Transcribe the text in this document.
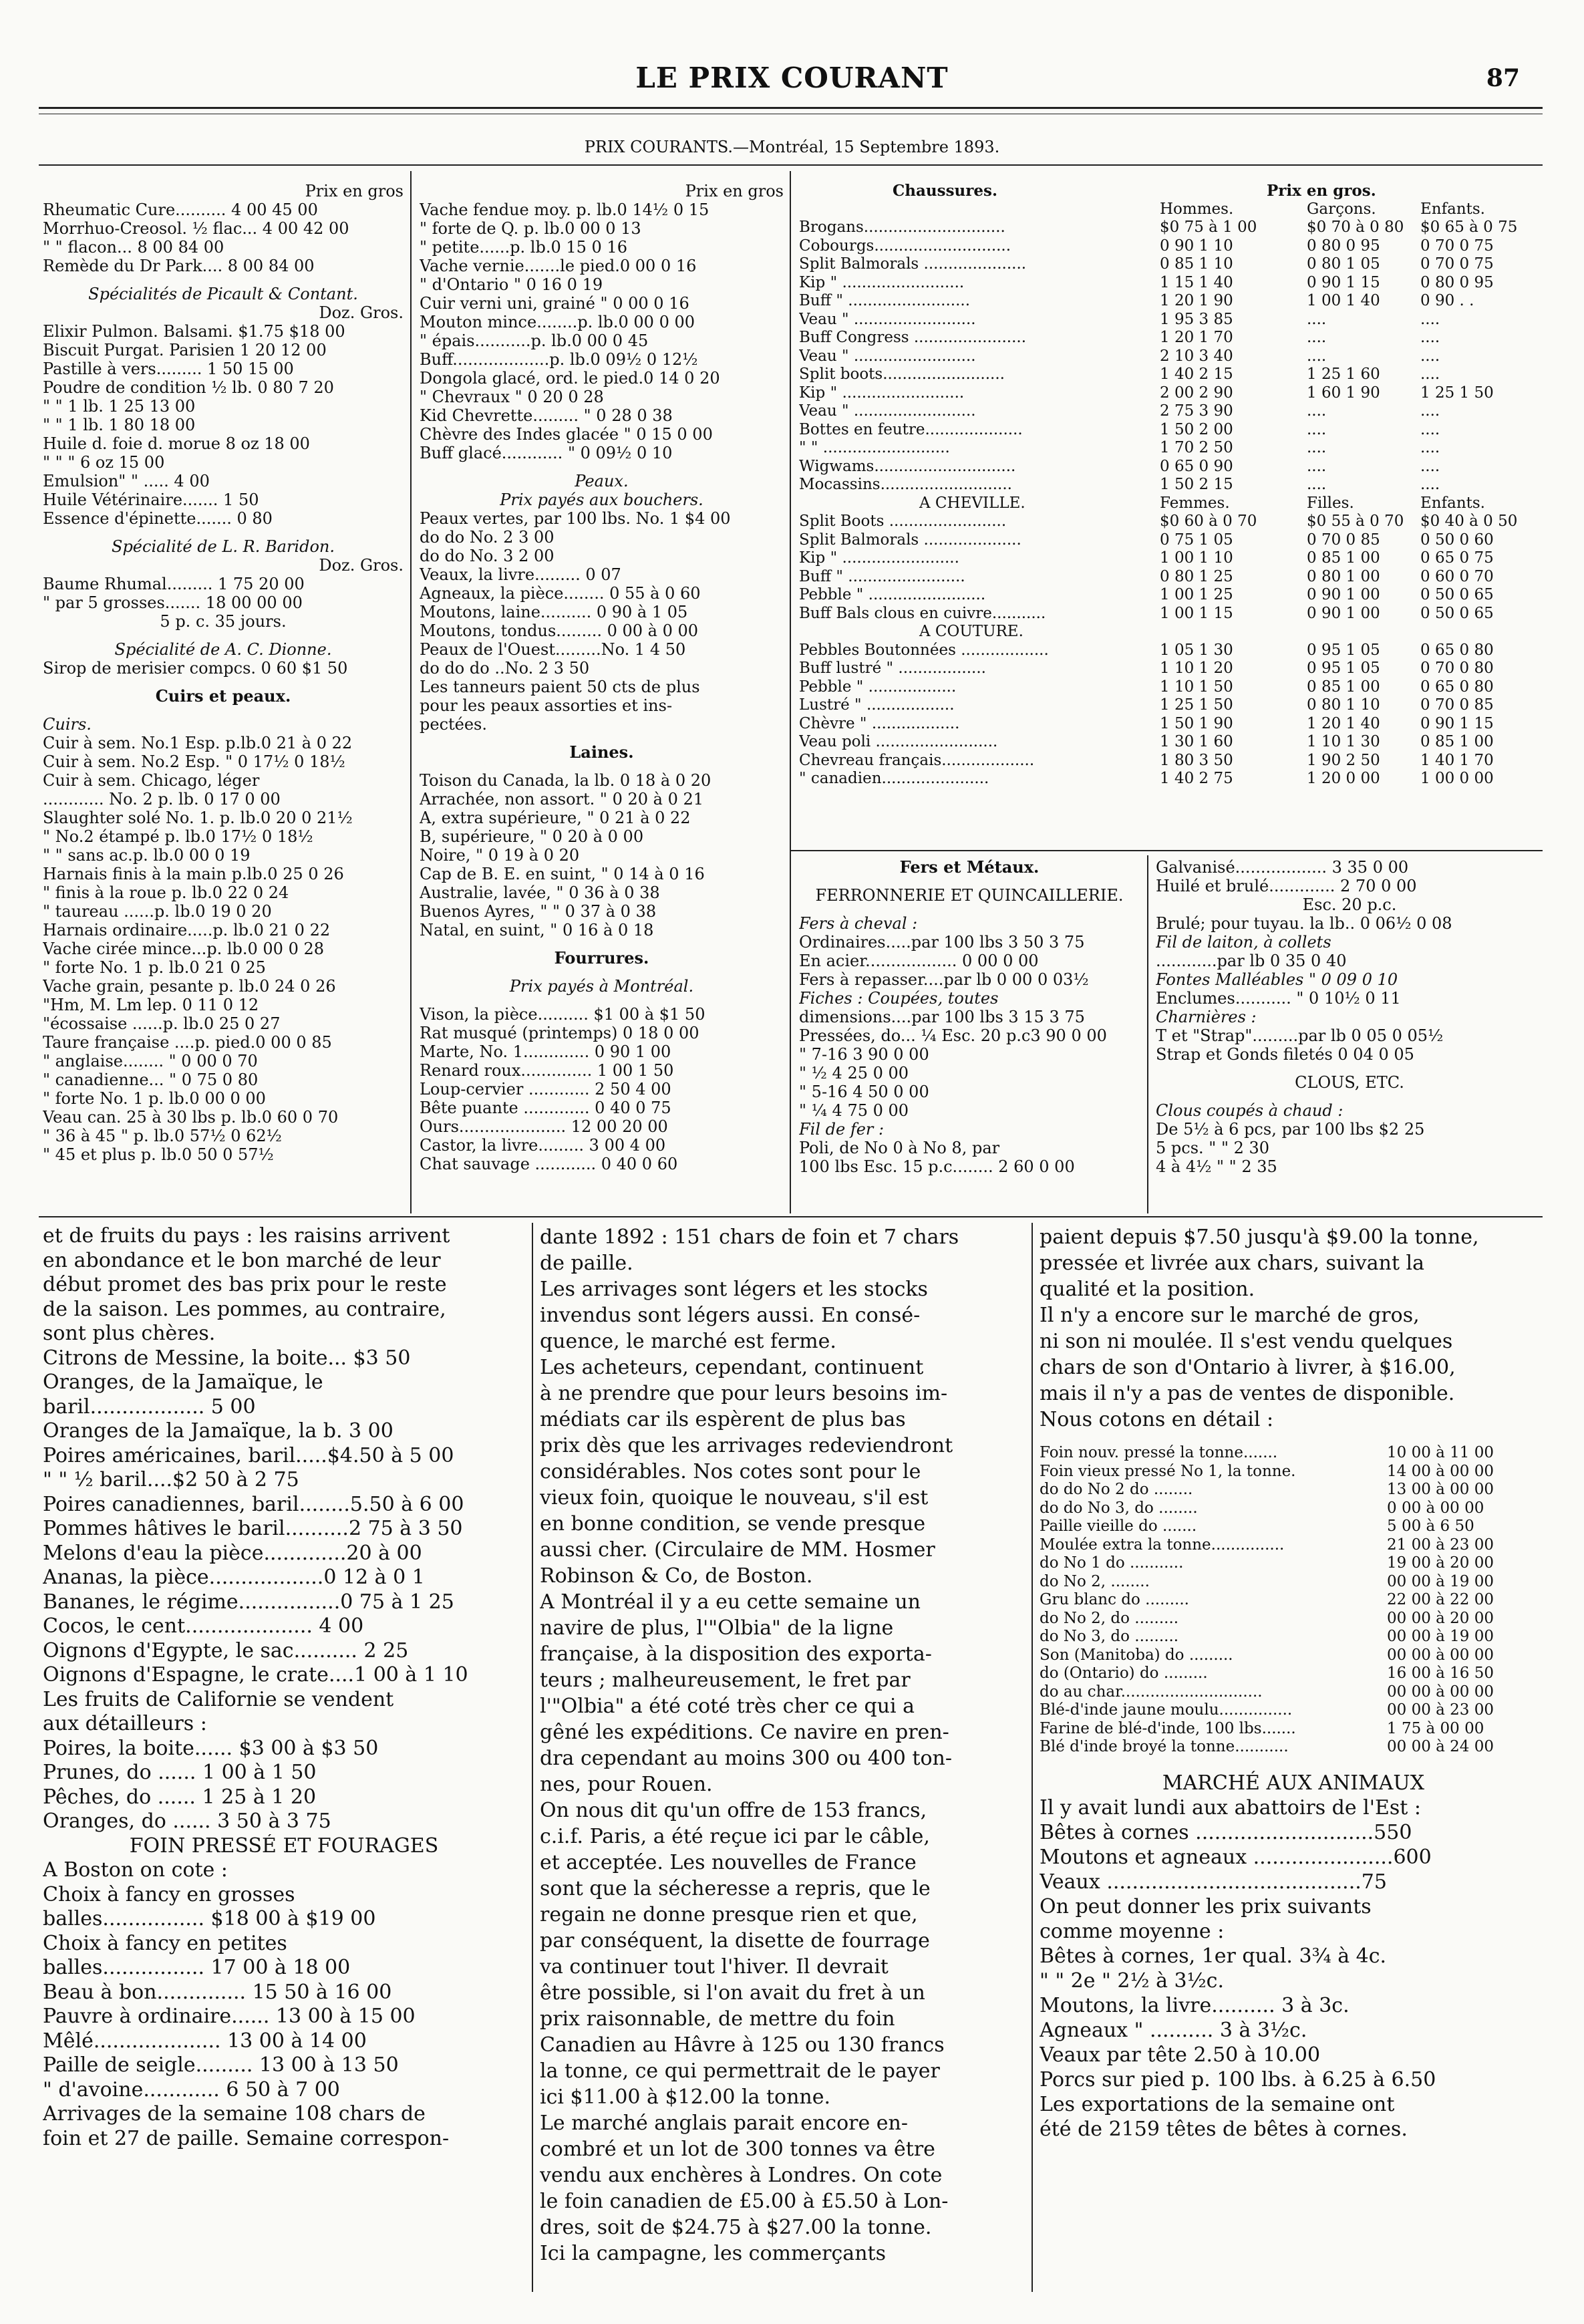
LE PRIX COURANT	87
PRIX COURANTS.—Montréal, 15 Septembre 1893.
Prix en gros
Rheumatic Cure.......... 4 00 45 00
Morrhuo-Creosol. ½ flac... 4 00 42 00
" " flacon... 8 00 84 00
Remède du Dr Park.... 8 00 84 00
Spécialités de Picault & Contant.
Doz. Gros.
Elixir Pulmon. Balsami. $1.75 $18 00
Biscuit Purgat. Parisien 1 20 12 00
Pastille à vers......... 1 50 15 00
Poudre de condition ½ lb. 0 80 7 20
" " 1 lb. 1 25 13 00
" " 1 lb. 1 80 18 00
Huile d. foie d. morue 8 oz 18 00
" " " 6 oz 15 00
Emulsion" " ..... 4 00
Huile Vétérinaire....... 1 50
Essence d'épinette....... 0 80
Spécialité de L. R. Baridon.
Doz. Gros.
Baume Rhumal......... 1 75 20 00
" par 5 grosses....... 18 00 00 00
5 p. c. 35 jours.
Spécialité de A. C. Dionne.
Sirop de merisier compcs. 0 60 $1 50
Cuirs et peaux.
Cuirs.
Cuir à sem. No.1 Esp. p.lb.0 21 à 0 22
Cuir à sem. No.2 Esp. " 0 17½ 0 18½
Cuir à sem. Chicago, léger
............ No. 2 p. lb. 0 17 0 00
Slaughter solé No. 1. p. lb.0 20 0 21½
" No.2 étampé p. lb.0 17½ 0 18½
" " sans ac.p. lb.0 00 0 19
Harnais finis à la main p.lb.0 25 0 26
" finis à la roue p. lb.0 22 0 24
" taureau ......p. lb.0 19 0 20
Harnais ordinaire.....p. lb.0 21 0 22
Vache cirée mince...p. lb.0 00 0 28
" forte No. 1 p. lb.0 21 0 25
Vache grain, pesante p. lb.0 24 0 26
"Hm, M. Lm lep. 0 11 0 12
"écossaise ......p. lb.0 25 0 27
Taure française ....p. pied.0 00 0 85
" anglaise........ " 0 00 0 70
" canadienne... " 0 75 0 80
" forte No. 1 p. lb.0 00 0 00
Veau can. 25 à 30 lbs p. lb.0 60 0 70
" 36 à 45 " p. lb.0 57½ 0 62½
" 45 et plus p. lb.0 50 0 57½
Prix en gros
Vache fendue moy. p. lb.0 14½ 0 15
" forte de Q. p. lb.0 00 0 13
" petite......p. lb.0 15 0 16
Vache vernie.......le pied.0 00 0 16
" d'Ontario " 0 16 0 19
Cuir verni uni, grainé " 0 00 0 16
Mouton mince........p. lb.0 00 0 00
" épais...........p. lb.0 00 0 45
Buff...................p. lb.0 09½ 0 12½
Dongola glacé, ord. le pied.0 14 0 20
" Chevraux " 0 20 0 28
Kid Chevrette......... " 0 28 0 38
Chèvre des Indes glacée " 0 15 0 00
Buff glacé............ " 0 09½ 0 10
Peaux.
Prix payés aux bouchers.
Peaux vertes, par 100 lbs. No. 1 $4 00
do do No. 2 3 00
do do No. 3 2 00
Veaux, la livre......... 0 07
Agneaux, la pièce........ 0 55 à 0 60
Moutons, laine.......... 0 90 à 1 05
Moutons, tondus......... 0 00 à 0 00
Peaux de l'Ouest.........No. 1 4 50
do do do ..No. 2 3 50
Les tanneurs paient 50 cts de plus
pour les peaux assorties et ins-
pectées.
Laines.
Toison du Canada, la lb. 0 18 à 0 20
Arrachée, non assort. " 0 20 à 0 21
A, extra supérieure, " 0 21 à 0 22
B, supérieure, " 0 20 à 0 00
Noire, " 0 19 à 0 20
Cap de B. E. en suint, " 0 14 à 0 16
Australie, lavée, " 0 36 à 0 38
Buenos Ayres, " " 0 37 à 0 38
Natal, en suint, " 0 16 à 0 18
Fourrures.
Prix payés à Montréal.
Vison, la pièce.......... $1 00 à $1 50
Rat musqué (printemps) 0 18 0 00
Marte, No. 1............. 0 90 1 00
Renard roux.............. 1 00 1 50
Loup-cervier ............ 2 50 4 00
Bête puante ............. 0 40 0 75
Ours..................... 12 00 20 00
Castor, la livre......... 3 00 4 00
Chat sauvage ............ 0 40 0 60
Chaussures.	Prix en gros.
Hommes.	Garçons.	Enfants.
Brogans.............................	$0 75 à 1 00	$0 70 à 0 80 $0 65 à 0 75
Cobourgs............................	0 90 1 10	0 80 0 95	0 70 0 75
Split Balmorals .....................	0 85 1 10	0 80 1 05	0 70 0 75
Kip " .........................	1 15 1 40	0 90 1 15	0 80 0 95
Buff " .........................	1 20 1 90	1 00 1 40	0 90 . .
Veau " .........................	1 95 3 85	....	....
Buff Congress .......................	1 20 1 70	....	....
Veau " .........................	2 10 3 40	....	....
Split boots.........................	1 40 2 15	1 25 1 60	....
Kip " .........................	2 00 2 90	1 60 1 90	1 25 1 50
Veau " .........................	2 75 3 90	....	....
Bottes en feutre....................	1 50 2 00	....	....
" " ..........................	1 70 2 50	....	....
Wigwams.............................	0 65 0 90	....	....
Mocassins...........................	1 50 2 15	....	....
A CHEVILLE.	Femmes.	Filles.	Enfants.
Split Boots ........................	$0 60 à 0 70	$0 55 à 0 70 $0 40 à 0 50
Split Balmorals ....................	0 75 1 05	0 70 0 85	0 50 0 60
Kip " ........................	1 00 1 10	0 85 1 00	0 65 0 75
Buff " ........................	0 80 1 25	0 80 1 00	0 60 0 70
Pebble " ........................	1 00 1 25	0 90 1 00	0 50 0 65
Buff Bals clous en cuivre...........	1 00 1 15	0 90 1 00	0 50 0 65
A COUTURE.
Pebbles Boutonnées ..................	1 05 1 30	0 95 1 05	0 65 0 80
Buff lustré " ..................	1 10 1 20	0 95 1 05	0 70 0 80
Pebble " ..................	1 10 1 50	0 85 1 00	0 65 0 80
Lustré " ..................	1 25 1 50	0 80 1 10	0 70 0 85
Chèvre " ..................	1 50 1 90	1 20 1 40	0 90 1 15
Veau poli .........................	1 30 1 60	1 10 1 30	0 85 1 00
Chevreau français...................	1 80 3 50	1 90 2 50	1 40 1 70
" canadien......................	1 40 2 75	1 20 0 00	1 00 0 00
Fers et Métaux.
FERRONNERIE ET QUINCAILLERIE.
Fers à cheval :
Ordinaires.....par 100 lbs 3 50 3 75
En acier.................. 0 00 0 00
Fers à repasser....par lb 0 00 0 03½
Fiches : Coupées, toutes
dimensions....par 100 lbs 3 15 3 75
Pressées, do... ¼ Esc. 20 p.c3 90 0 00
" 7-16 3 90 0 00
" ½ 4 25 0 00
" 5-16 4 50 0 00
" ¼ 4 75 0 00
Fil de fer :
Poli, de No 0 à No 8, par
100 lbs Esc. 15 p.c........ 2 60 0 00
Galvanisé.................. 3 35 0 00
Huilé et brulé............. 2 70 0 00
Esc. 20 p.c.
Brulé; pour tuyau. la lb.. 0 06½ 0 08
Fil de laiton, à collets
............par lb 0 35 0 40
Fontes Malléables " 0 09 0 10
Enclumes........... " 0 10½ 0 11
Charnières :
T et "Strap".........par lb 0 05 0 05½
Strap et Gonds filetés 0 04 0 05
CLOUS, ETC.
Clous coupés à chaud :
De 5½ à 6 pcs, par 100 lbs $2 25
5 pcs. " " 2 30
4 à 4½ " " 2 35
et de fruits du pays : les raisins arrivent
en abondance et le bon marché de leur
début promet des bas prix pour le reste
de la saison. Les pommes, au contraire,
sont plus chères.
Citrons de Messine, la boite... $3 50
Oranges, de la Jamaïque, le
baril.................. 5 00
Oranges de la Jamaïque, la b. 3 00
Poires américaines, baril.....$4.50 à 5 00
" " ½ baril....$2 50 à 2 75
Poires canadiennes, baril........5.50 à 6 00
Pommes hâtives le baril..........2 75 à 3 50
Melons d'eau la pièce.............20 à 00
Ananas, la pièce..................0 12 à 0 1
Bananes, le régime................0 75 à 1 25
Cocos, le cent.................... 4 00
Oignons d'Egypte, le sac.......... 2 25
Oignons d'Espagne, le crate....1 00 à 1 10
Les fruits de Californie se vendent
aux détailleurs :
Poires, la boite...... $3 00 à $3 50
Prunes, do ...... 1 00 à 1 50
Pêches, do ...... 1 25 à 1 20
Oranges, do ...... 3 50 à 3 75
FOIN PRESSÉ ET FOURAGES
A Boston on cote :
Choix à fancy en grosses
balles................ $18 00 à $19 00
Choix à fancy en petites
balles................ 17 00 à 18 00
Beau à bon.............. 15 50 à 16 00
Pauvre à ordinaire...... 13 00 à 15 00
Mêlé.................... 13 00 à 14 00
Paille de seigle......... 13 00 à 13 50
" d'avoine............ 6 50 à 7 00
Arrivages de la semaine 108 chars de
foin et 27 de paille. Semaine correspon-
dante 1892 : 151 chars de foin et 7 chars
de paille.
Les arrivages sont légers et les stocks
invendus sont légers aussi. En consé-
quence, le marché est ferme.
Les acheteurs, cependant, continuent
à ne prendre que pour leurs besoins im-
médiats car ils espèrent de plus bas
prix dès que les arrivages redeviendront
considérables. Nos cotes sont pour le
vieux foin, quoique le nouveau, s'il est
en bonne condition, se vende presque
aussi cher. (Circulaire de MM. Hosmer
Robinson & Co, de Boston.
A Montréal il y a eu cette semaine un
navire de plus, l'"Olbia" de la ligne
française, à la disposition des exporta-
teurs ; malheureusement, le fret par
l'"Olbia" a été coté très cher ce qui a
gêné les expéditions. Ce navire en pren-
dra cependant au moins 300 ou 400 ton-
nes, pour Rouen.
On nous dit qu'un offre de 153 francs,
c.i.f. Paris, a été reçue ici par le câble,
et acceptée. Les nouvelles de France
sont que la sécheresse a repris, que le
regain ne donne presque rien et que,
par conséquent, la disette de fourrage
va continuer tout l'hiver. Il devrait
être possible, si l'on avait du fret à un
prix raisonnable, de mettre du foin
Canadien au Hâvre à 125 ou 130 francs
la tonne, ce qui permettrait de le payer
ici $11.00 à $12.00 la tonne.
Le marché anglais parait encore en-
combré et un lot de 300 tonnes va être
vendu aux enchères à Londres. On cote
le foin canadien de £5.00 à £5.50 à Lon-
dres, soit de $24.75 à $27.00 la tonne.
Ici la campagne, les commerçants
paient depuis $7.50 jusqu'à $9.00 la tonne,
pressée et livrée aux chars, suivant la
qualité et la position.
Il n'y a encore sur le marché de gros,
ni son ni moulée. Il s'est vendu quelques
chars de son d'Ontario à livrer, à $16.00,
mais il n'y a pas de ventes de disponible.
Nous cotons en détail :
Foin nouv. pressé la tonne.......	10 00 à 11 00
Foin vieux pressé No 1, la tonne.	14 00 à 00 00
do do No 2 do ........	13 00 à 00 00
do do No 3, do ........	0 00 à 00 00
Paille vieille do .......	5 00 à 6 50
Moulée extra la tonne...............	21 00 à 23 00
do No 1 do ...........	19 00 à 20 00
do No 2, ........	00 00 à 19 00
Gru blanc do .........	22 00 à 22 00
do No 2, do .........	00 00 à 20 00
do No 3, do .........	00 00 à 19 00
Son (Manitoba) do .........	00 00 à 00 00
do (Ontario) do .........	16 00 à 16 50
do au char.............................	00 00 à 00 00
Blé-d'inde jaune moulu...............	00 00 à 23 00
Farine de blé-d'inde, 100 lbs.......	1 75 à 00 00
Blé d'inde broyé la tonne...........	00 00 à 24 00
MARCHÉ AUX ANIMAUX
Il y avait lundi aux abattoirs de l'Est :
Bêtes à cornes ............................550
Moutons et agneaux ......................600
Veaux ........................................75
On peut donner les prix suivants
comme moyenne :
Bêtes à cornes, 1er qual. 3¾ à 4c.
" " 2e " 2½ à 3½c.
Moutons, la livre.......... 3 à 3c.
Agneaux " .......... 3 à 3½c.
Veaux par tête 2.50 à 10.00
Porcs sur pied p. 100 lbs. à 6.25 à 6.50
Les exportations de la semaine ont
été de 2159 têtes de bêtes à cornes.
